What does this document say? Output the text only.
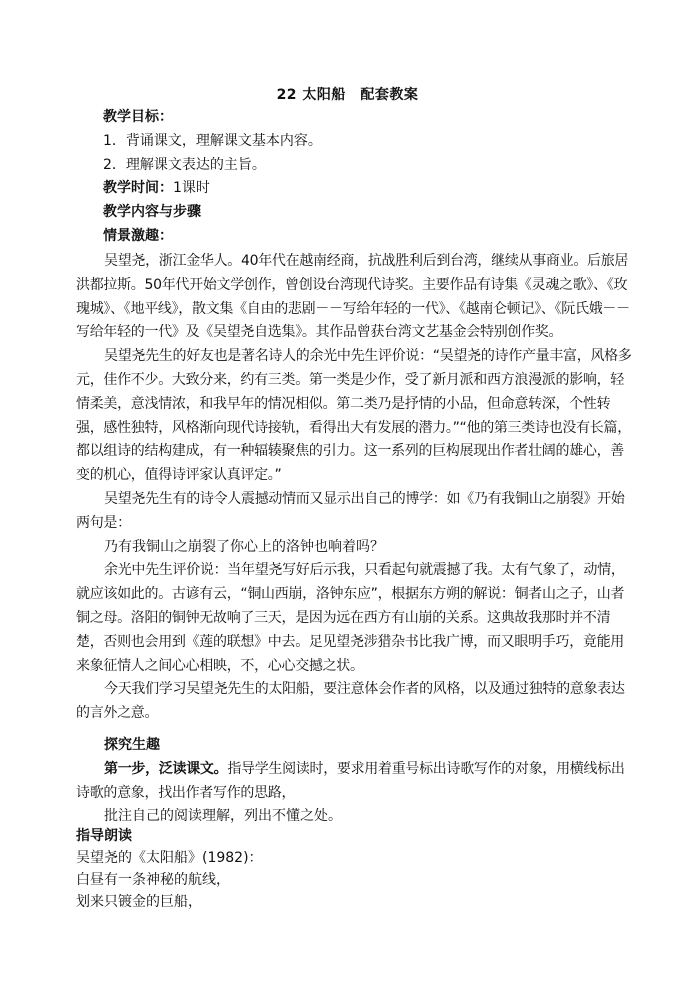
22 太阳船　配套教案

教学目标：

1．背诵课文，理解课文基本内容。

2．理解课文表达的主旨。

教学时间：1课时

教学内容与步骤

情景激趣：

吴望尧，浙江金华人。40年代在越南经商，抗战胜利后到台湾，继续从事商业。后旅居洪都拉斯。50年代开始文学创作，曾创设台湾现代诗奖。主要作品有诗集《灵魂之歌》、《玫瑰城》、《地平线》，散文集《自由的悲剧－－写给年轻的一代》、《越南仑顿记》、《阮氏娥－－写给年轻的一代》及《吴望尧自选集》。其作品曾获台湾文艺基金会特别创作奖。

吴望尧先生的好友也是著名诗人的余光中先生评价说：“吴望尧的诗作产量丰富，风格多元，佳作不少。大致分来，约有三类。第一类是少作，受了新月派和西方浪漫派的影响，轻情柔美，意浅情浓，和我早年的情况相似。第二类乃是抒情的小品，但命意转深，个性转强，感性独特，风格渐向现代诗接轨，看得出大有发展的潜力。”“他的第三类诗也没有长篇，都以组诗的结构建成，有一种辐辏聚焦的引力。这一系列的巨构展现出作者壮阔的雄心，善变的机心，值得诗评家认真评定。”

吴望尧先生有的诗令人震撼动情而又显示出自己的博学：如《乃有我铜山之崩裂》开始两句是：

乃有我铜山之崩裂了你心上的洛钟也响着吗？

余光中先生评价说：当年望尧写好后示我，只看起句就震撼了我。太有气象了，动情，就应该如此的。古谚有云，“铜山西崩，洛钟东应”，根据东方朔的解说：铜者山之子，山者铜之母。洛阳的铜钟无故响了三天，是因为远在西方有山崩的关系。这典故我那时并不清楚，否则也会用到《莲的联想》中去。足见望尧涉猎杂书比我广博，而又眼明手巧，竟能用来象征情人之间心心相映，不，心心交撼之状。

今天我们学习吴望尧先生的太阳船，要注意体会作者的风格，以及通过独特的意象表达的言外之意。

探究生趣

第一步，泛读课文。指导学生阅读时，要求用着重号标出诗歌写作的对象，用横线标出诗歌的意象，找出作者写作的思路，

批注自己的阅读理解，列出不懂之处。

指导朗读

吴望尧的《太阳船》(1982)：

白昼有一条神秘的航线，

划来只镀金的巨船，
